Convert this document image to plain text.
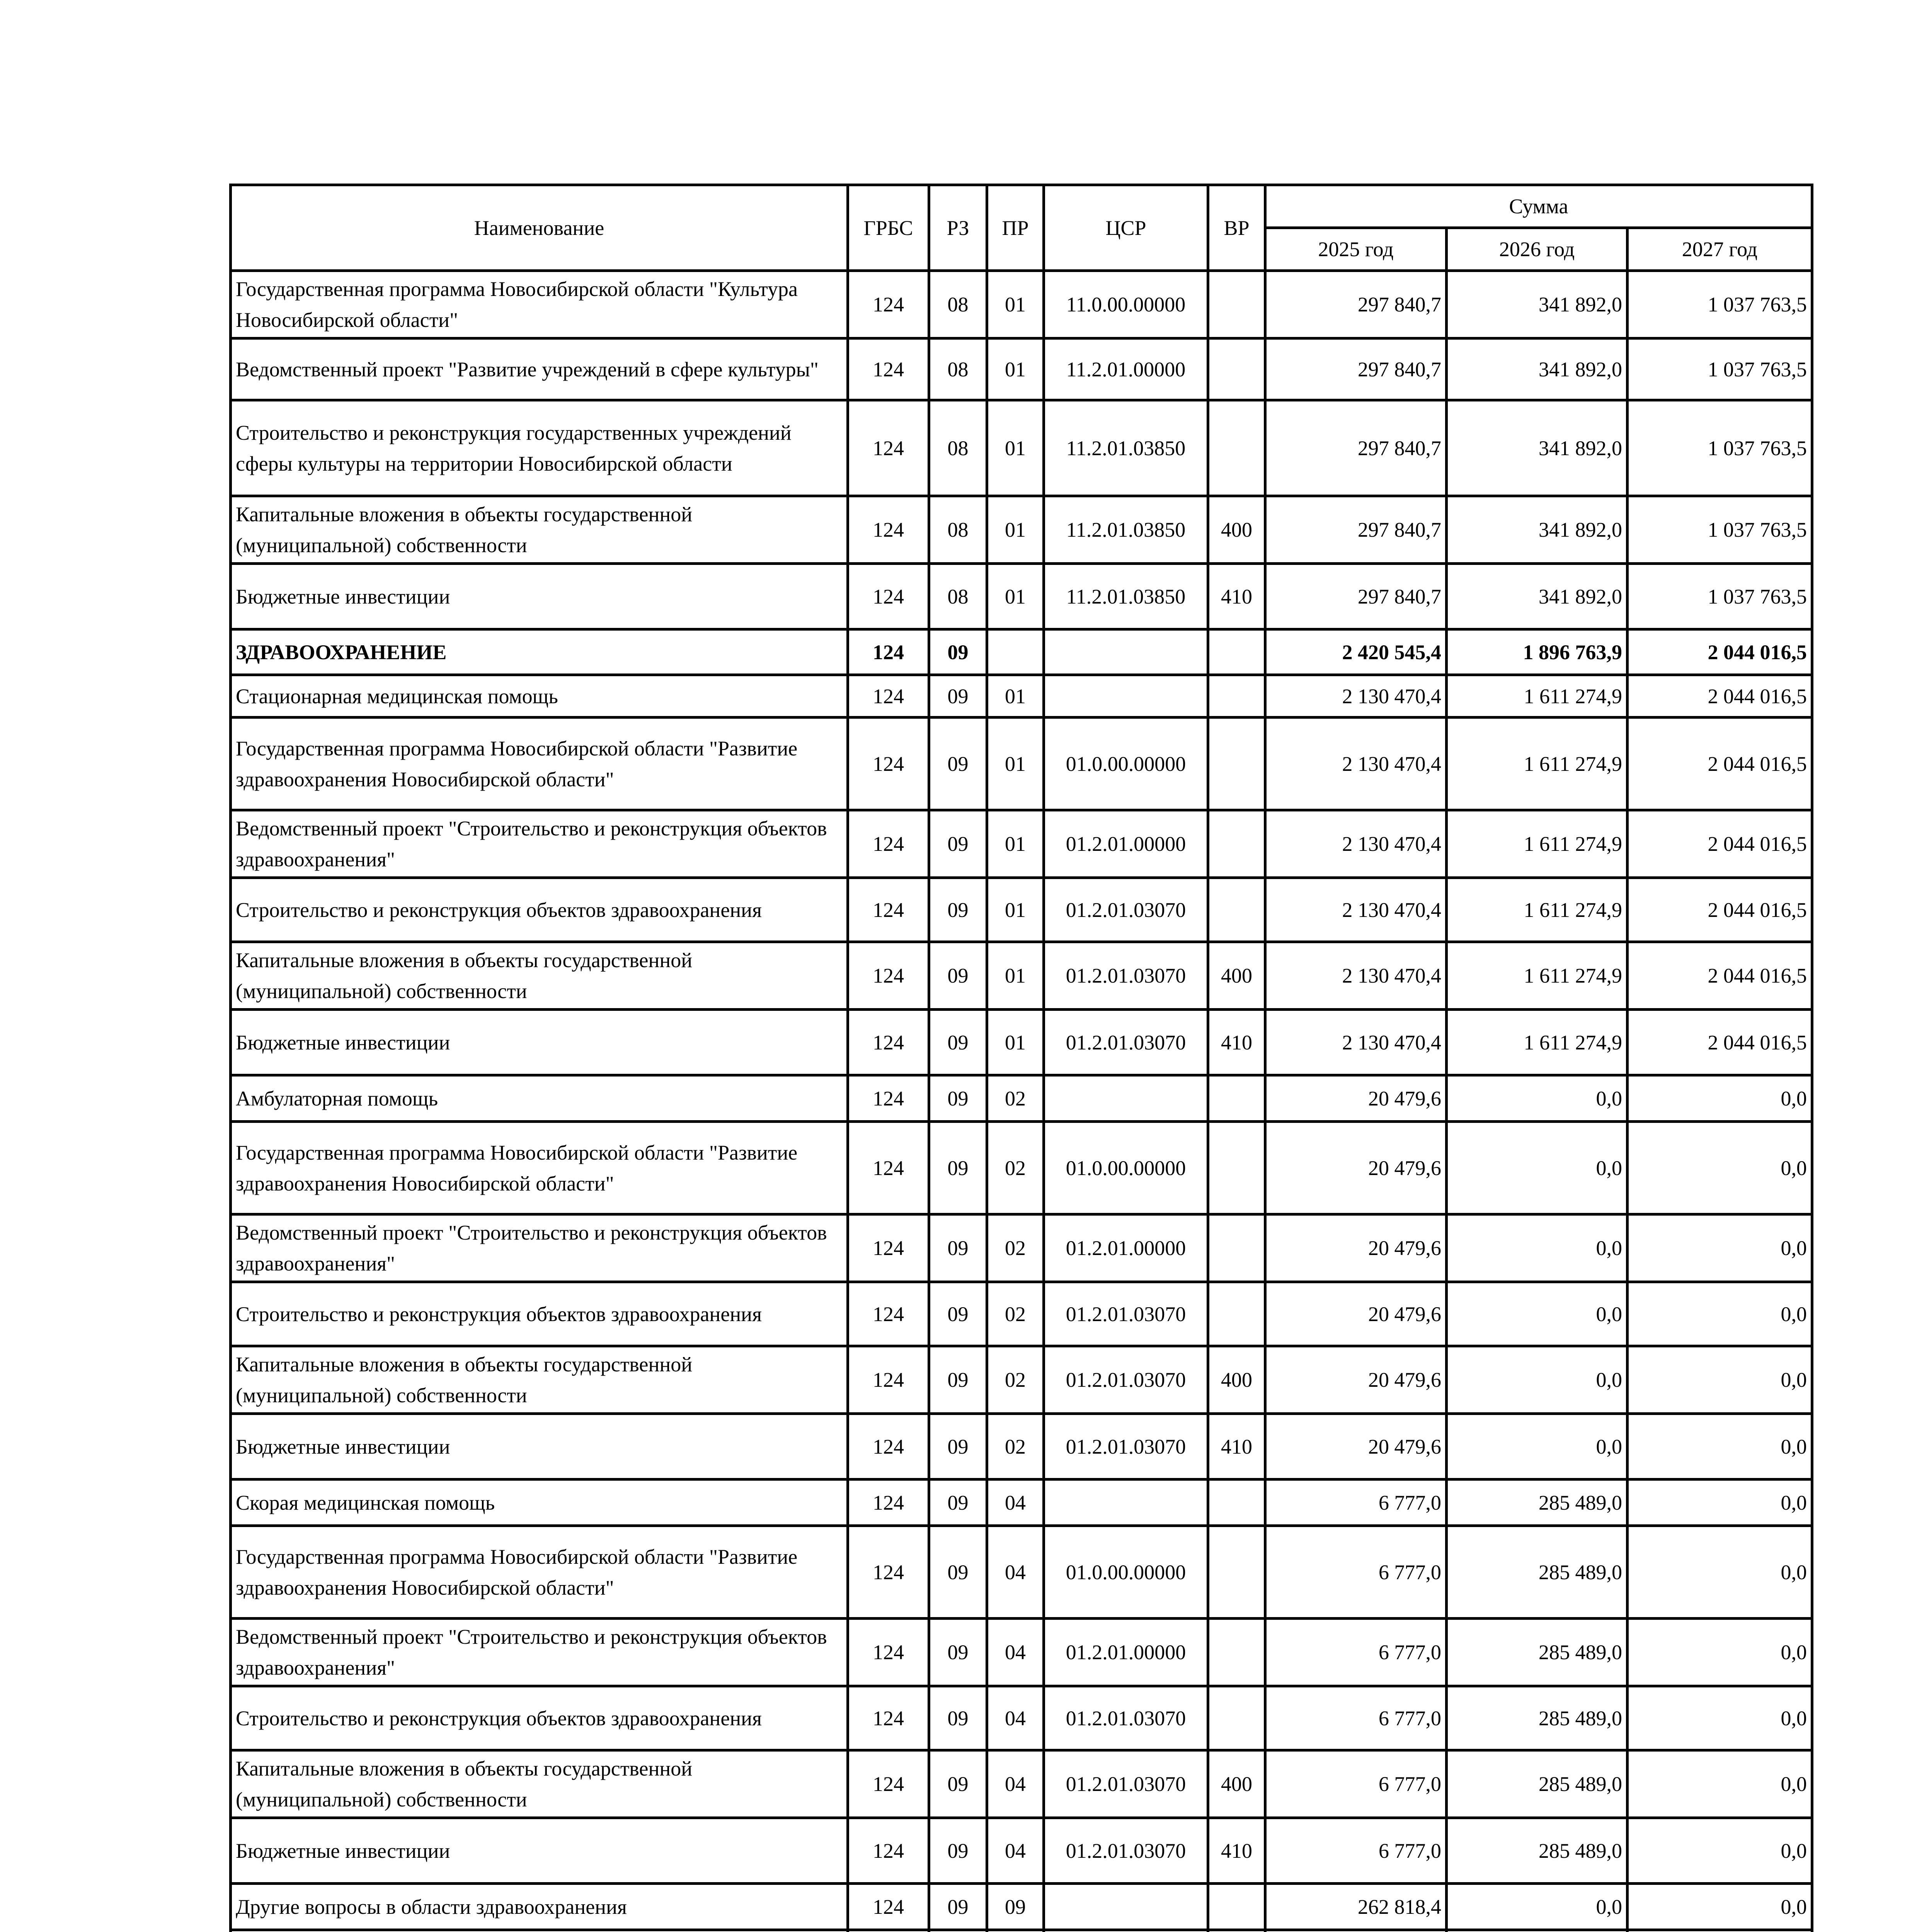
Наименование	ГРБС	РЗ	ПР	ЦСР	ВР	Сумма		
						2025 год	2026 год	2027 год
Государственная программа Новосибирской области "Культура Новосибирской области"	124	08	01	11.0.00.00000		297 840,7	341 892,0	1 037 763,5
Ведомственный проект "Развитие учреждений в сфере культуры"	124	08	01	11.2.01.00000		297 840,7	341 892,0	1 037 763,5
Строительство и реконструкция государственных учреждений сферы культуры на территории Новосибирской области	124	08	01	11.2.01.03850		297 840,7	341 892,0	1 037 763,5
Капитальные вложения в объекты государственной (муниципальной) собственности	124	08	01	11.2.01.03850	400	297 840,7	341 892,0	1 037 763,5
Бюджетные инвестиции	124	08	01	11.2.01.03850	410	297 840,7	341 892,0	1 037 763,5
ЗДРАВООХРАНЕНИЕ	124	09				2 420 545,4	1 896 763,9	2 044 016,5
Стационарная медицинская помощь	124	09	01			2 130 470,4	1 611 274,9	2 044 016,5
Государственная программа Новосибирской области "Развитие здравоохранения Новосибирской области"	124	09	01	01.0.00.00000		2 130 470,4	1 611 274,9	2 044 016,5
Ведомственный проект "Строительство и реконструкция объектов здравоохранения"	124	09	01	01.2.01.00000		2 130 470,4	1 611 274,9	2 044 016,5
Строительство и реконструкция объектов здравоохранения	124	09	01	01.2.01.03070		2 130 470,4	1 611 274,9	2 044 016,5
Капитальные вложения в объекты государственной (муниципальной) собственности	124	09	01	01.2.01.03070	400	2 130 470,4	1 611 274,9	2 044 016,5
Бюджетные инвестиции	124	09	01	01.2.01.03070	410	2 130 470,4	1 611 274,9	2 044 016,5
Амбулаторная помощь	124	09	02			20 479,6	0,0	0,0
Государственная программа Новосибирской области "Развитие здравоохранения Новосибирской области"	124	09	02	01.0.00.00000		20 479,6	0,0	0,0
Ведомственный проект "Строительство и реконструкция объектов здравоохранения"	124	09	02	01.2.01.00000		20 479,6	0,0	0,0
Строительство и реконструкция объектов здравоохранения	124	09	02	01.2.01.03070		20 479,6	0,0	0,0
Капитальные вложения в объекты государственной (муниципальной) собственности	124	09	02	01.2.01.03070	400	20 479,6	0,0	0,0
Бюджетные инвестиции	124	09	02	01.2.01.03070	410	20 479,6	0,0	0,0
Скорая медицинская помощь	124	09	04			6 777,0	285 489,0	0,0
Государственная программа Новосибирской области "Развитие здравоохранения Новосибирской области"	124	09	04	01.0.00.00000		6 777,0	285 489,0	0,0
Ведомственный проект "Строительство и реконструкция объектов здравоохранения"	124	09	04	01.2.01.00000		6 777,0	285 489,0	0,0
Строительство и реконструкция объектов здравоохранения	124	09	04	01.2.01.03070		6 777,0	285 489,0	0,0
Капитальные вложения в объекты государственной (муниципальной) собственности	124	09	04	01.2.01.03070	400	6 777,0	285 489,0	0,0
Бюджетные инвестиции	124	09	04	01.2.01.03070	410	6 777,0	285 489,0	0,0
Другие вопросы в области здравоохранения	124	09	09			262 818,4	0,0	0,0
